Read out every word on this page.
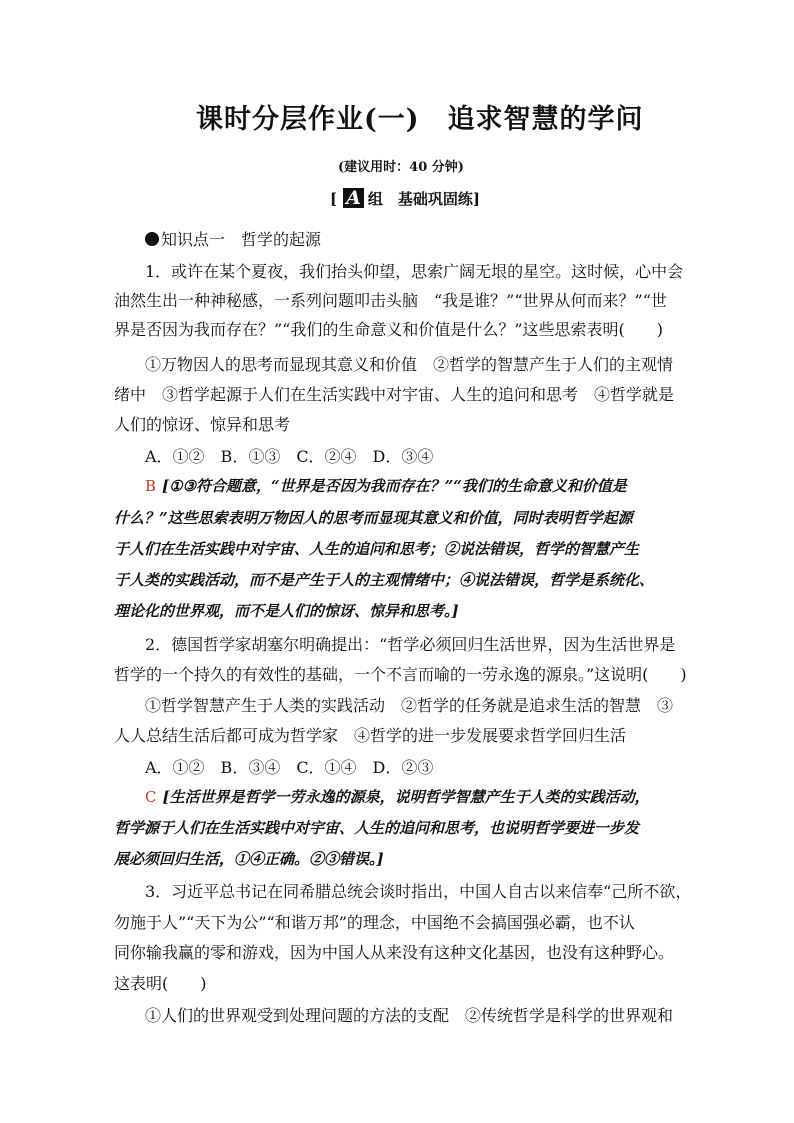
课时分层作业(一) 追求智慧的学问
(建议用时：40 分钟)
[ A 组　基础巩固练]
知识点一　哲学的起源
1．或许在某个夏夜，我们抬头仰望，思索广阔无垠的星空。这时候，心中会
油然生出一种神秘感，一系列问题叩击头脑　“我是谁？”“世界从何而来？”“世
界是否因为我而存在？”“我们的生命意义和价值是什么？”这些思索表明(　　)
①万物因人的思考而显现其意义和价值　②哲学的智慧产生于人们的主观情
绪中　③哲学起源于人们在生活实践中对宇宙、人生的追问和思考　④哲学就是
人们的惊讶、惊异和思考
A．①②　B．①③　C．②④　D．③④
B [①③符合题意，“世界是否因为我而存在？”“我们的生命意义和价值是
什么？”这些思索表明万物因人的思考而显现其意义和价值，同时表明哲学起源
于人们在生活实践中对宇宙、人生的追问和思考；②说法错误，哲学的智慧产生
于人类的实践活动，而不是产生于人的主观情绪中；④说法错误，哲学是系统化、
理论化的世界观，而不是人们的惊讶、惊异和思考。]
2．德国哲学家胡塞尔明确提出：“哲学必须回归生活世界，因为生活世界是
哲学的一个持久的有效性的基础，一个不言而喻的一劳永逸的源泉。”这说明(　　)
①哲学智慧产生于人类的实践活动　②哲学的任务就是追求生活的智慧　③
人人总结生活后都可成为哲学家　④哲学的进一步发展要求哲学回归生活
A．①②　B．③④　C．①④　D．②③
C [生活世界是哲学一劳永逸的源泉，说明哲学智慧产生于人类的实践活动，
哲学源于人们在生活实践中对宇宙、人生的追问和思考，也说明哲学要进一步发
展必须回归生活，①④正确。②③错误。]
3．习近平总书记在同希腊总统会谈时指出，中国人自古以来信奉“己所不欲，
勿施于人”“天下为公”“和谐万邦”的理念，中国绝不会搞国强必霸，也不认
同你输我赢的零和游戏，因为中国人从来没有这种文化基因，也没有这种野心。
这表明(　　)
①人们的世界观受到处理问题的方法的支配　②传统哲学是科学的世界观和
